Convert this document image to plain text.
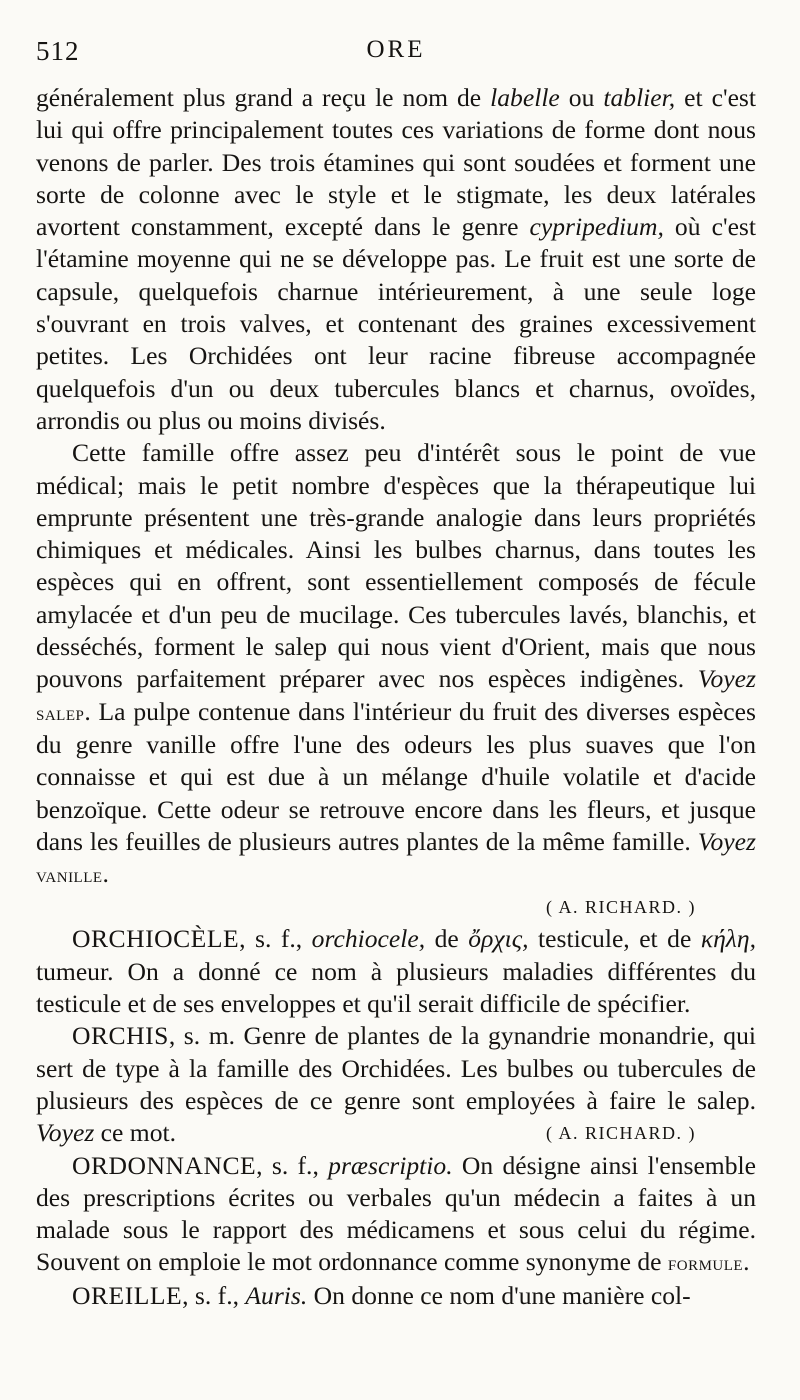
512	ORE

généralement plus grand a reçu le nom de labelle ou tablier, et c'est lui qui offre principalement toutes ces variations de forme dont nous venons de parler. Des trois étamines qui sont soudées et forment une sorte de colonne avec le style et le stigmate, les deux latérales avortent constamment, excepté dans le genre cypripedium, où c'est l'étamine moyenne qui ne se développe pas. Le fruit est une sorte de capsule, quelquefois charnue intérieurement, à une seule loge s'ouvrant en trois valves, et contenant des graines excessivement petites. Les Orchidées ont leur racine fibreuse accompagnée quelquefois d'un ou deux tubercules blancs et charnus, ovoïdes, arrondis ou plus ou moins divisés.

Cette famille offre assez peu d'intérêt sous le point de vue médical; mais le petit nombre d'espèces que la thérapeutique lui emprunte présentent une très-grande analogie dans leurs propriétés chimiques et médicales. Ainsi les bulbes charnus, dans toutes les espèces qui en offrent, sont essentiellement composés de fécule amylacée et d'un peu de mucilage. Ces tubercules lavés, blanchis, et desséchés, forment le salep qui nous vient d'Orient, mais que nous pouvons parfaitement préparer avec nos espèces indigènes. Voyez salep. La pulpe contenue dans l'intérieur du fruit des diverses espèces du genre vanille offre l'une des odeurs les plus suaves que l'on connaisse et qui est due à un mélange d'huile volatile et d'acide benzoïque. Cette odeur se retrouve encore dans les fleurs, et jusque dans les feuilles de plusieurs autres plantes de la même famille. Voyez vanille.

( A. RICHARD. )

ORCHIOCÈLE, s. f., orchiocele, de ὄρχις, testicule, et de κήλη, tumeur. On a donné ce nom à plusieurs maladies différentes du testicule et de ses enveloppes et qu'il serait difficile de spécifier.

ORCHIS, s. m. Genre de plantes de la gynandrie monandrie, qui sert de type à la famille des Orchidées. Les bulbes ou tubercules de plusieurs des espèces de ce genre sont employées à faire le salep. Voyez ce mot.	( A. RICHARD. )

ORDONNANCE, s. f., præscriptio. On désigne ainsi l'ensemble des prescriptions écrites ou verbales qu'un médecin a faites à un malade sous le rapport des médicamens et sous celui du régime. Souvent on emploie le mot ordonnance comme synonyme de formule.

OREILLE, s. f., Auris. On donne ce nom d'une manière col-
